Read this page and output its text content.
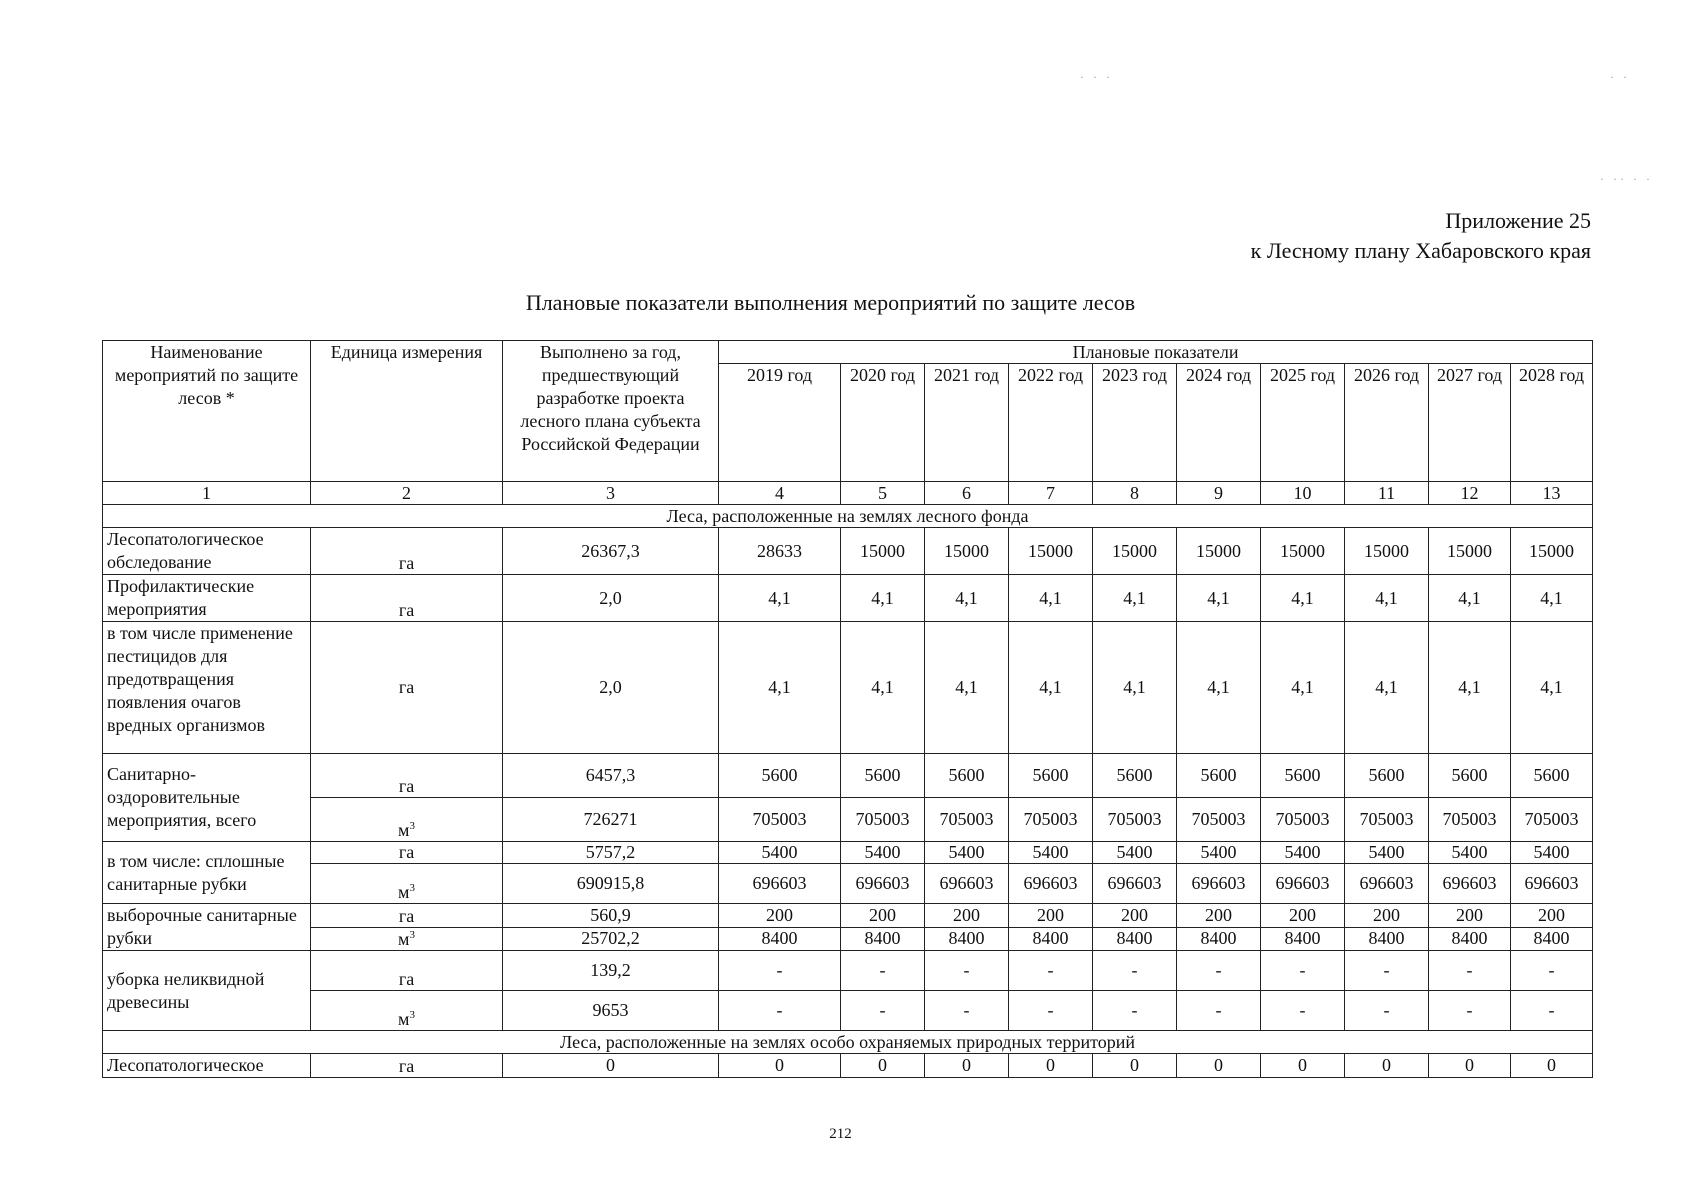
· · ·	· ·
· ·· · ·
Приложение 25
к Лесному плану Хабаровского края
Плановые показатели выполнения мероприятий по защите лесов
Наименование мероприятий по защите лесов *	Единица измерения	Выполнено за год, предшествующий разработке проекта лесного плана субъекта Российской Федерации	Плановые показатели									
			2019 год	2020 год	2021 год	2022 год	2023 год	2024 год	2025 год	2026 год	2027 год	2028 год
1	2	3	4	5	6	7	8	9	10	11	12	13
Леса, расположенные на землях лесного фонда												
Лесопатологическое обследование	га	26367,3	28633	15000	15000	15000	15000	15000	15000	15000	15000	15000
Профилактические мероприятия	га	2,0	4,1	4,1	4,1	4,1	4,1	4,1	4,1	4,1	4,1	4,1
в том числе применение пестицидов для предотвращения появления очагов вредных организмов	га	2,0	4,1	4,1	4,1	4,1	4,1	4,1	4,1	4,1	4,1	4,1
Санитарно-оздоровительные мероприятия, всего	га	6457,3	5600	5600	5600	5600	5600	5600	5600	5600	5600	5600
	$м^3$	726271	705003	705003	705003	705003	705003	705003	705003	705003	705003	705003
в том числе: сплошные санитарные рубки	га	5757,2	5400	5400	5400	5400	5400	5400	5400	5400	5400	5400
	$м^3$	690915,8	696603	696603	696603	696603	696603	696603	696603	696603	696603	696603
выборочные санитарные рубки	га	560,9	200	200	200	200	200	200	200	200	200	200
	$м^3$	25702,2	8400	8400	8400	8400	8400	8400	8400	8400	8400	8400
уборка неликвидной древесины	га	139,2	-	-	-	-	-	-	-	-	-	-
	$м^3$	9653	-	-	-	-	-	-	-	-	-	-
Леса, расположенные на землях особо охраняемых природных территорий												
Лесопатологическое	га	0	0	0	0	0	0	0	0	0	0	0
212
